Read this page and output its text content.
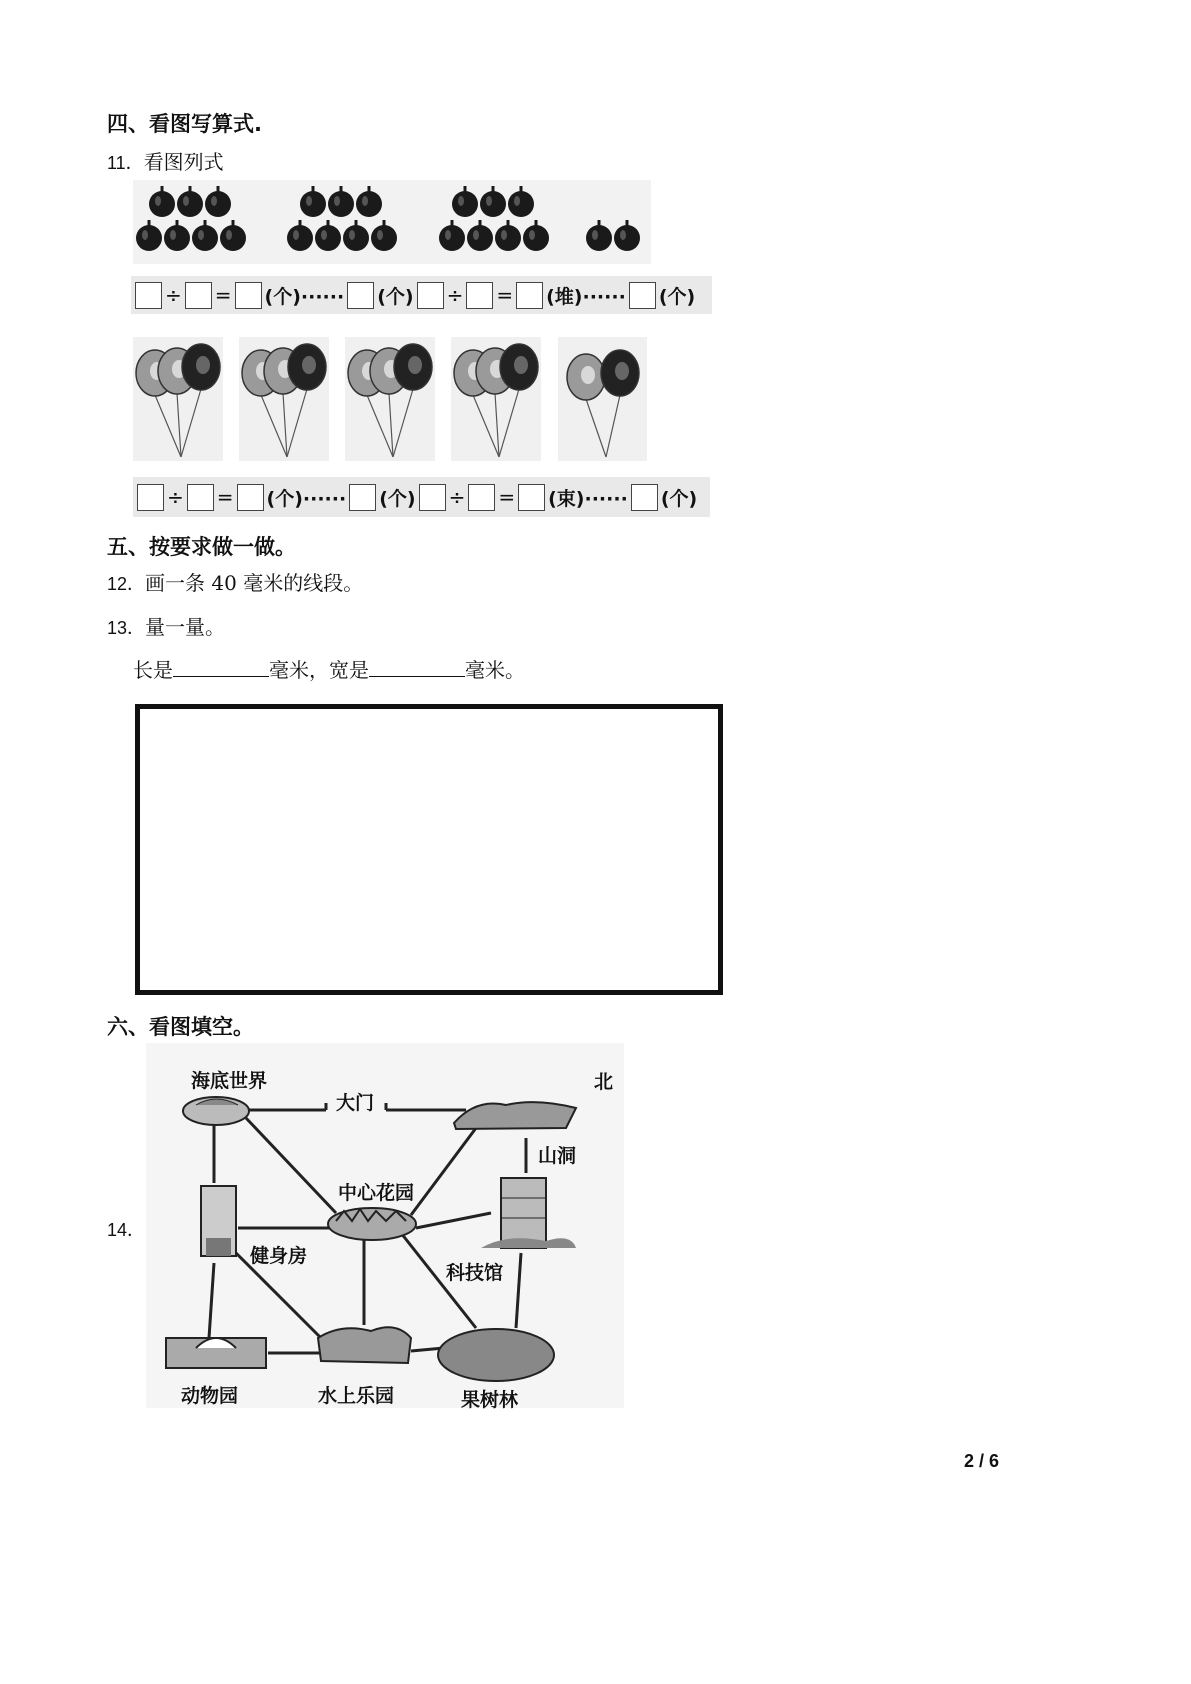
四、看图写算式.
11．看图列式
÷ = (个)······ (个) ÷ = (堆)······ (个)
÷ = (个)······ (个) ÷ = (束)······ (个)
五、按要求做一做。
12．画一条 40 毫米的线段。
13．量一量。
长是	毫米，宽是	毫米。
六、看图填空。
14．
海底世界
大门
北
山洞
中心花园
健身房
科技馆
动物园	水上乐园	果树林
2 / 6
